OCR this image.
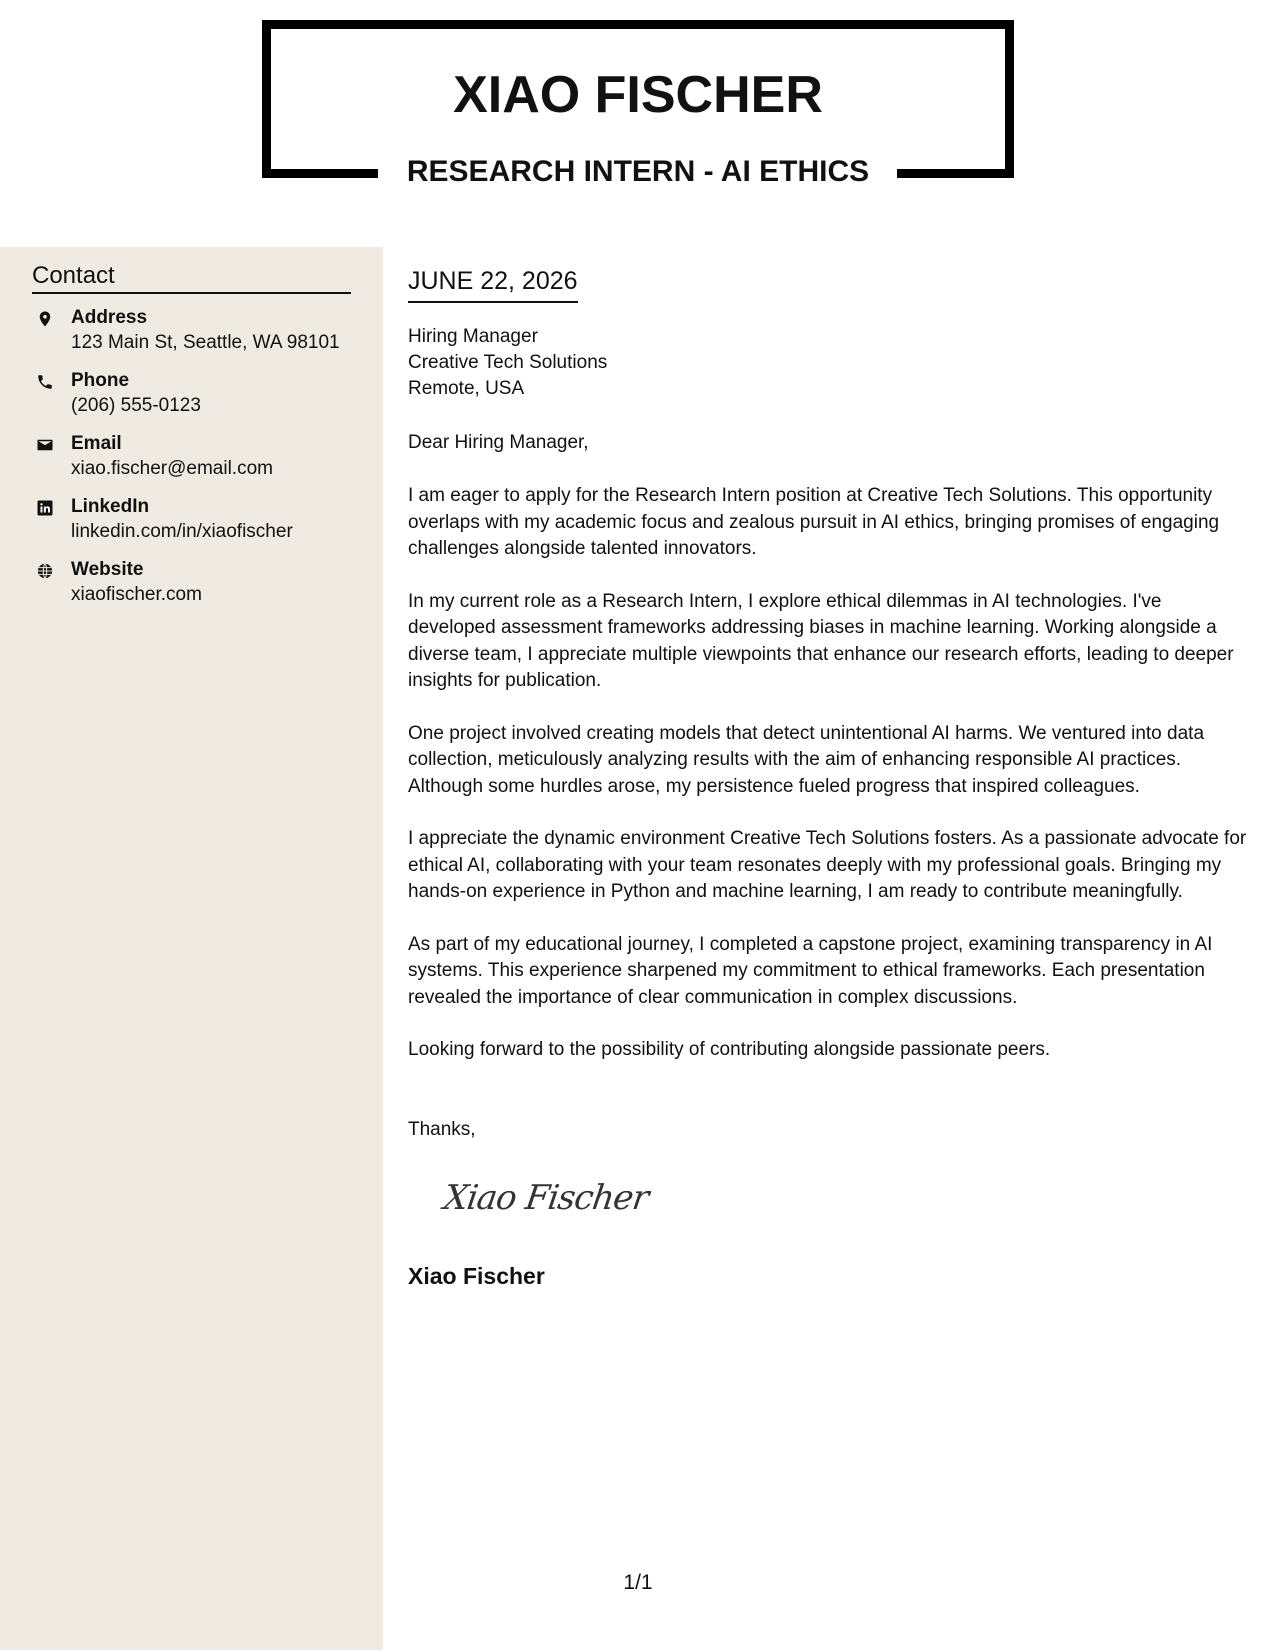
XIAO FISCHER
RESEARCH INTERN - AI ETHICS
Contact
Address
123 Main St, Seattle, WA 98101
Phone
(206) 555-0123
Email
xiao.fischer@email.com
LinkedIn
linkedin.com/in/xiaofischer
Website
xiaofischer.com
JUNE 22, 2026
Hiring Manager
Creative Tech Solutions
Remote, USA
Dear Hiring Manager,

I am eager to apply for the Research Intern position at Creative Tech Solutions. This opportunity overlaps with my academic focus and zealous pursuit in AI ethics, bringing promises of engaging challenges alongside talented innovators.

In my current role as a Research Intern, I explore ethical dilemmas in AI technologies. I've developed assessment frameworks addressing biases in machine learning. Working alongside a diverse team, I appreciate multiple viewpoints that enhance our research efforts, leading to deeper insights for publication.

One project involved creating models that detect unintentional AI harms. We ventured into data collection, meticulously analyzing results with the aim of enhancing responsible AI practices. Although some hurdles arose, my persistence fueled progress that inspired colleagues.

I appreciate the dynamic environment Creative Tech Solutions fosters. As a passionate advocate for ethical AI, collaborating with your team resonates deeply with my professional goals. Bringing my hands-on experience in Python and machine learning, I am ready to contribute meaningfully.

As part of my educational journey, I completed a capstone project, examining transparency in AI systems. This experience sharpened my commitment to ethical frameworks. Each presentation revealed the importance of clear communication in complex discussions.

Looking forward to the possibility of contributing alongside passionate peers.

Thanks,
Xiao Fischer
Xiao Fischer
1/1
